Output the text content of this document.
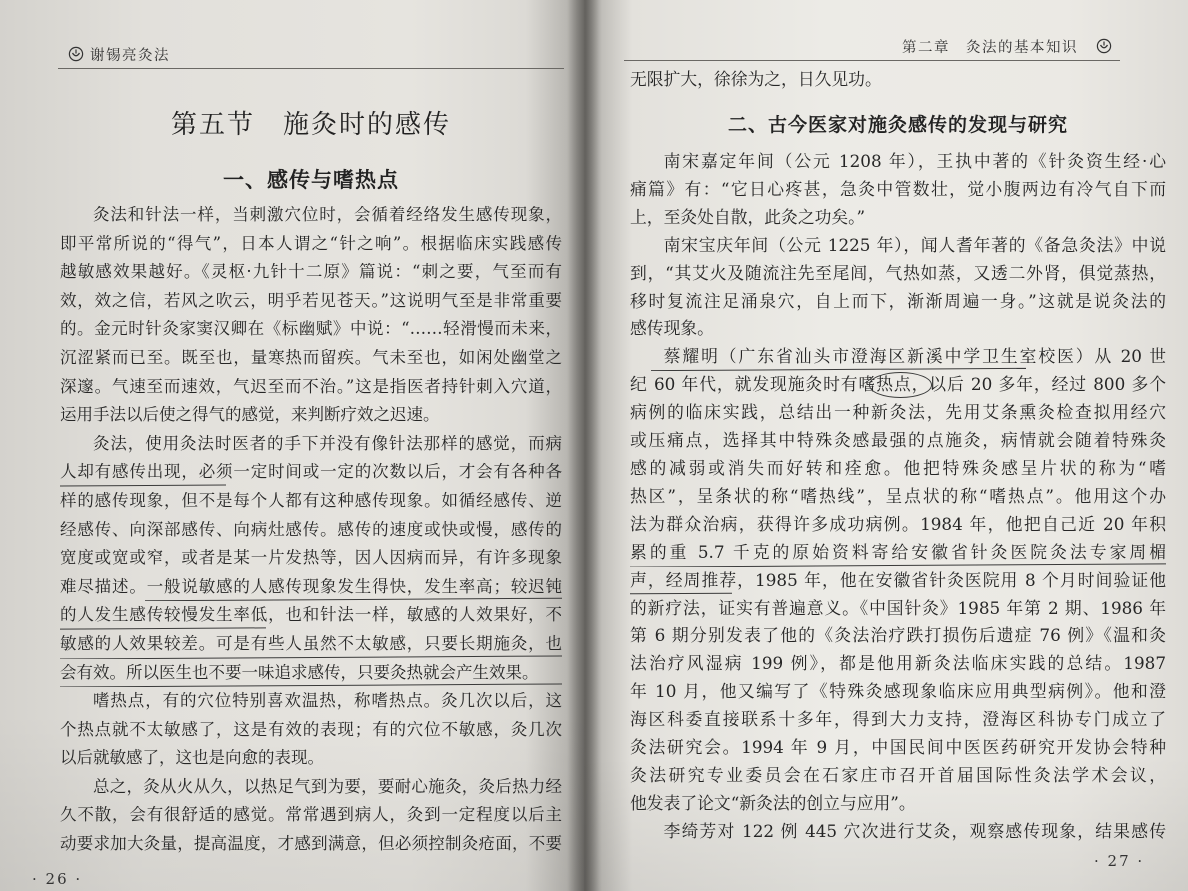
谢锡亮灸法
第五节　施灸时的感传
一、感传与嗜热点
灸法和针法一样，当刺激穴位时，会循着经络发生感传现象，
即平常所说的“得气”，日本人谓之“针之响”。根据临床实践感传
越敏感效果越好。《灵枢·九针十二原》篇说：“刺之要，气至而有
效，效之信，若风之吹云，明乎若见苍天。”这说明气至是非常重要
的。金元时针灸家窦汉卿在《标幽赋》中说：“……轻滑慢而未来，
沉涩紧而已至。既至也，量寒热而留疾。气未至也，如闲处幽堂之
深邃。气速至而速效，气迟至而不治。”这是指医者持针刺入穴道，
运用手法以后使之得气的感觉，来判断疗效之迟速。
灸法，使用灸法时医者的手下并没有像针法那样的感觉，而病
人却有感传出现，必须一定时间或一定的次数以后，才会有各种各
样的感传现象，但不是每个人都有这种感传现象。如循经感传、逆
经感传、向深部感传、向病灶感传。感传的速度或快或慢，感传的
宽度或宽或窄，或者是某一片发热等，因人因病而异，有许多现象
难尽描述。一般说敏感的人感传现象发生得快，发生率高；较迟钝
的人发生感传较慢发生率低，也和针法一样，敏感的人效果好，不
敏感的人效果较差。可是有些人虽然不太敏感，只要长期施灸，也
会有效。所以医生也不要一味追求感传，只要灸热就会产生效果。
嗜热点，有的穴位特别喜欢温热，称嗜热点。灸几次以后，这
个热点就不太敏感了，这是有效的表现；有的穴位不敏感，灸几次
以后就敏感了，这也是向愈的表现。
总之，灸从火从久，以热足气到为要，要耐心施灸，灸后热力经
久不散，会有很舒适的感觉。常常遇到病人，灸到一定程度以后主
动要求加大灸量，提高温度，才感到满意，但必须控制灸疮面，不要
· 26 ·
第二章　灸法的基本知识
无限扩大，徐徐为之，日久见功。
二、古今医家对施灸感传的发现与研究
南宋嘉定年间（公元 1208 年），王执中著的《针灸资生经·心
痛篇》有：“它日心疼甚，急灸中管数壮，觉小腹两边有冷气自下而
上，至灸处自散，此灸之功矣。”
南宋宝庆年间（公元 1225 年），闻人耆年著的《备急灸法》中说
到，“其艾火及随流注先至尾闾，气热如蒸，又透二外肾，俱觉蒸热，
移时复流注足涌泉穴，自上而下，渐渐周遍一身。”这就是说灸法的
感传现象。
蔡耀明（广东省汕头市澄海区新溪中学卫生室校医）从 20 世
纪 60 年代，就发现施灸时有嗜热点，以后 20 多年，经过 800 多个
病例的临床实践，总结出一种新灸法，先用艾条熏灸检查拟用经穴
或压痛点，选择其中特殊灸感最强的点施灸，病情就会随着特殊灸
感的减弱或消失而好转和痊愈。他把特殊灸感呈片状的称为“嗜
热区”，呈条状的称“嗜热线”，呈点状的称“嗜热点”。他用这个办
法为群众治病，获得许多成功病例。1984 年，他把自己近 20 年积
累的重 5.7 千克的原始资料寄给安徽省针灸医院灸法专家周楣
声，经周推荐，1985 年，他在安徽省针灸医院用 8 个月时间验证他
的新疗法，证实有普遍意义。《中国针灸》1985 年第 2 期、1986 年
第 6 期分别发表了他的《灸法治疗跌打损伤后遗症 76 例》《温和灸
法治疗风湿病 199 例》，都是他用新灸法临床实践的总结。1987
年 10 月，他又编写了《特殊灸感现象临床应用典型病例》。他和澄
海区科委直接联系十多年，得到大力支持，澄海区科协专门成立了
灸法研究会。1994 年 9 月，中国民间中医医药研究开发协会特种
灸法研究专业委员会在石家庄市召开首届国际性灸法学术会议，
他发表了论文“新灸法的创立与应用”。
李绮芳对 122 例 445 穴次进行艾灸，观察感传现象，结果感传
· 27 ·
